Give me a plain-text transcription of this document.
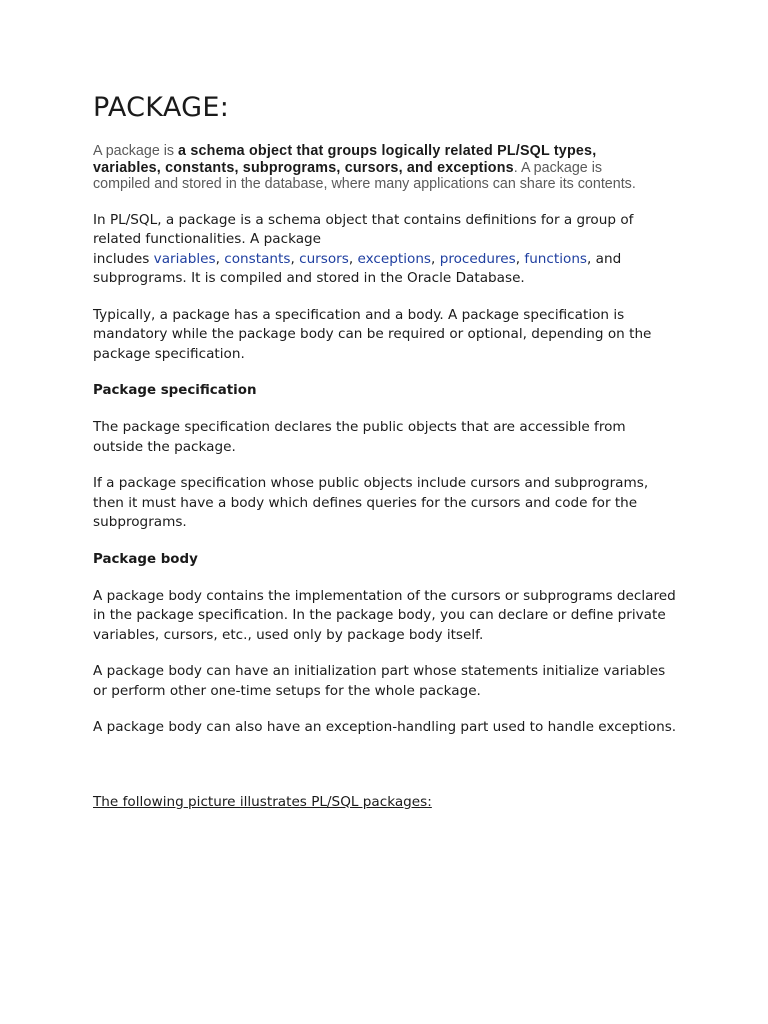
PACKAGE:
A package is a schema object that groups logically related PL/SQL types, variables, constants, subprograms, cursors, and exceptions. A package is compiled and stored in the database, where many applications can share its contents.

In PL/SQL, a package is a schema object that contains definitions for a group of related functionalities. A package
includes variables, constants, cursors, exceptions, procedures, functions, and subprograms. It is compiled and stored in the Oracle Database.

Typically, a package has a specification and a body. A package specification is mandatory while the package body can be required or optional, depending on the package specification.

Package specification

The package specification declares the public objects that are accessible from outside the package.

If a package specification whose public objects include cursors and subprograms, then it must have a body which defines queries for the cursors and code for the subprograms.

Package body

A package body contains the implementation of the cursors or subprograms declared in the package specification. In the package body, you can declare or define private variables, cursors, etc., used only by package body itself.

A package body can have an initialization part whose statements initialize variables or perform other one-time setups for the whole package.

A package body can also have an exception-handling part used to handle exceptions.

The following picture illustrates PL/SQL packages:
